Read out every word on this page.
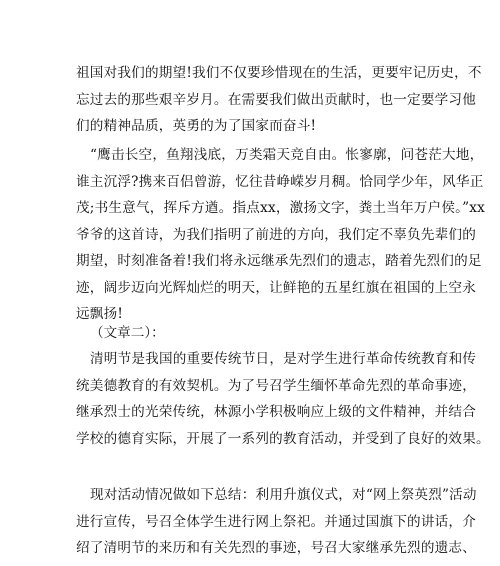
祖国对我们的期望!我们不仅要珍惜现在的生活，更要牢记历史，不
忘过去的那些艰辛岁月。在需要我们做出贡献时，也一定要学习他
们的精神品质，英勇的为了国家而奋斗!
“鹰击长空，鱼翔浅底，万类霜天竞自由。怅寥廓，问苍茫大地，
谁主沉浮?携来百侣曾游，忆往昔峥嵘岁月稠。恰同学少年，风华正
茂;书生意气，挥斥方遒。指点xx，激扬文字，粪土当年万户侯。”xx
爷爷的这首诗，为我们指明了前进的方向，我们定不辜负先辈们的
期望，时刻准备着!我们将永远继承先烈们的遗志，踏着先烈们的足
迹，阔步迈向光辉灿烂的明天，让鲜艳的五星红旗在祖国的上空永
远飘扬!

（文章二）：

清明节是我国的重要传统节日，是对学生进行革命传统教育和传
统美德教育的有效契机。为了号召学生缅怀革命先烈的革命事迹，
继承烈士的光荣传统，林源小学积极响应上级的文件精神，并结合
学校的德育实际，开展了一系列的教育活动，并受到了良好的效果。
现对活动情况做如下总结：利用升旗仪式，对“网上祭英烈”活动
进行宣传，号召全体学生进行网上祭祀。并通过国旗下的讲话，介
绍了清明节的来历和有关先烈的事迹，号召大家继承先烈的遗志、
